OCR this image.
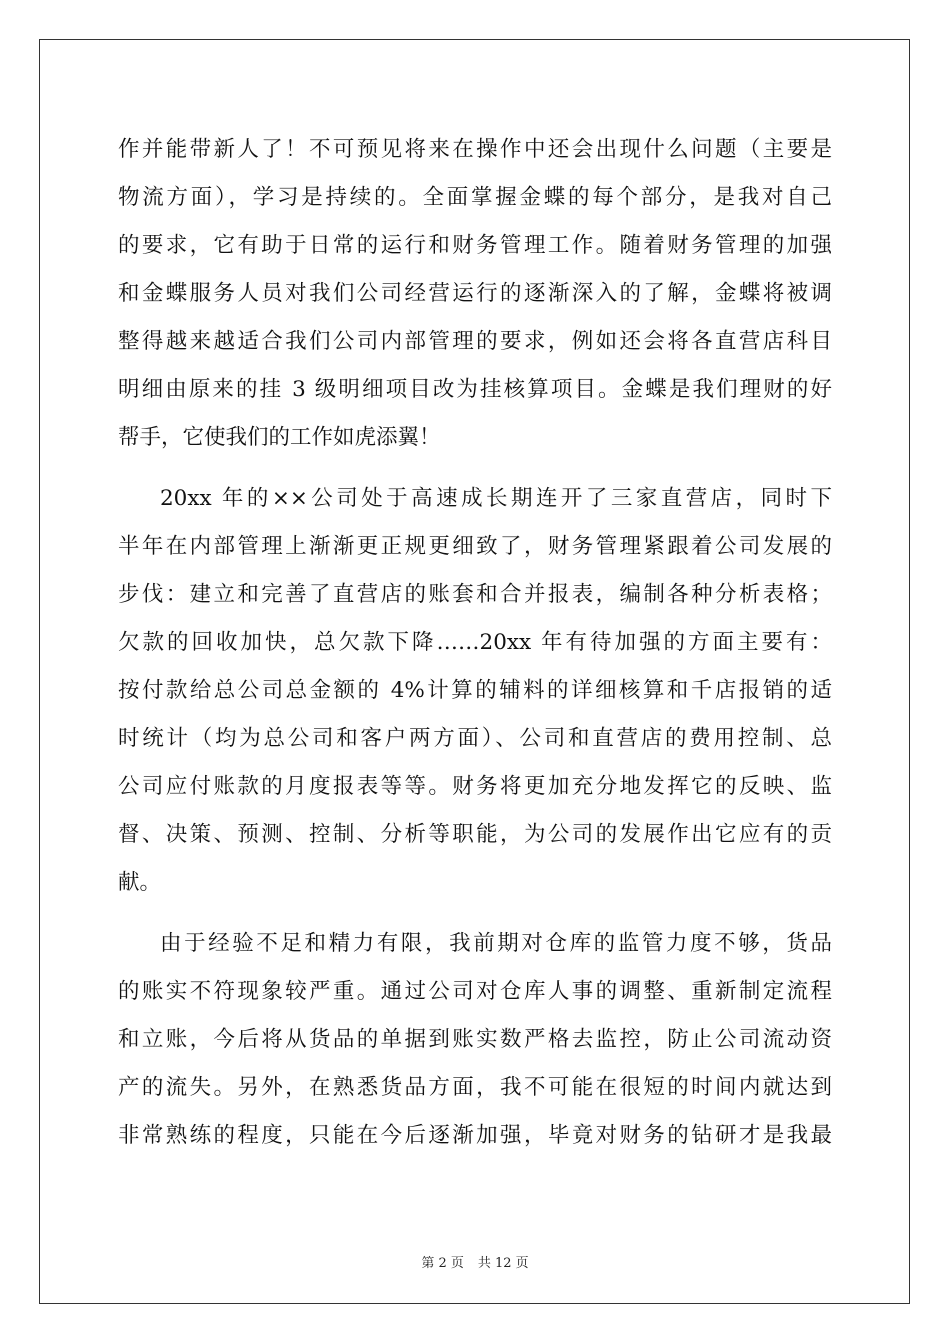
作并能带新人了！不可预见将来在操作中还会出现什么问题（主要是
物流方面），学习是持续的。全面掌握金蝶的每个部分，是我对自己
的要求，它有助于日常的运行和财务管理工作。随着财务管理的加强
和金蝶服务人员对我们公司经营运行的逐渐深入的了解，金蝶将被调
整得越来越适合我们公司内部管理的要求，例如还会将各直营店科目
明细由原来的挂 3 级明细项目改为挂核算项目。金蝶是我们理财的好
帮手，它使我们的工作如虎添翼！
20xx 年的××公司处于高速成长期连开了三家直营店，同时下
半年在内部管理上渐渐更正规更细致了，财务管理紧跟着公司发展的
步伐：建立和完善了直营店的账套和合并报表，编制各种分析表格；
欠款的回收加快，总欠款下降……20xx 年有待加强的方面主要有：
按付款给总公司总金额的 4%计算的辅料的详细核算和千店报销的适
时统计（均为总公司和客户两方面）、公司和直营店的费用控制、总
公司应付账款的月度报表等等。财务将更加充分地发挥它的反映、监
督、决策、预测、控制、分析等职能，为公司的发展作出它应有的贡
献。
由于经验不足和精力有限，我前期对仓库的监管力度不够，货品
的账实不符现象较严重。通过公司对仓库人事的调整、重新制定流程
和立账，今后将从货品的单据到账实数严格去监控，防止公司流动资
产的流失。另外，在熟悉货品方面，我不可能在很短的时间内就达到
非常熟练的程度，只能在今后逐渐加强，毕竟对财务的钻研才是我最
第 2 页 共 12 页
